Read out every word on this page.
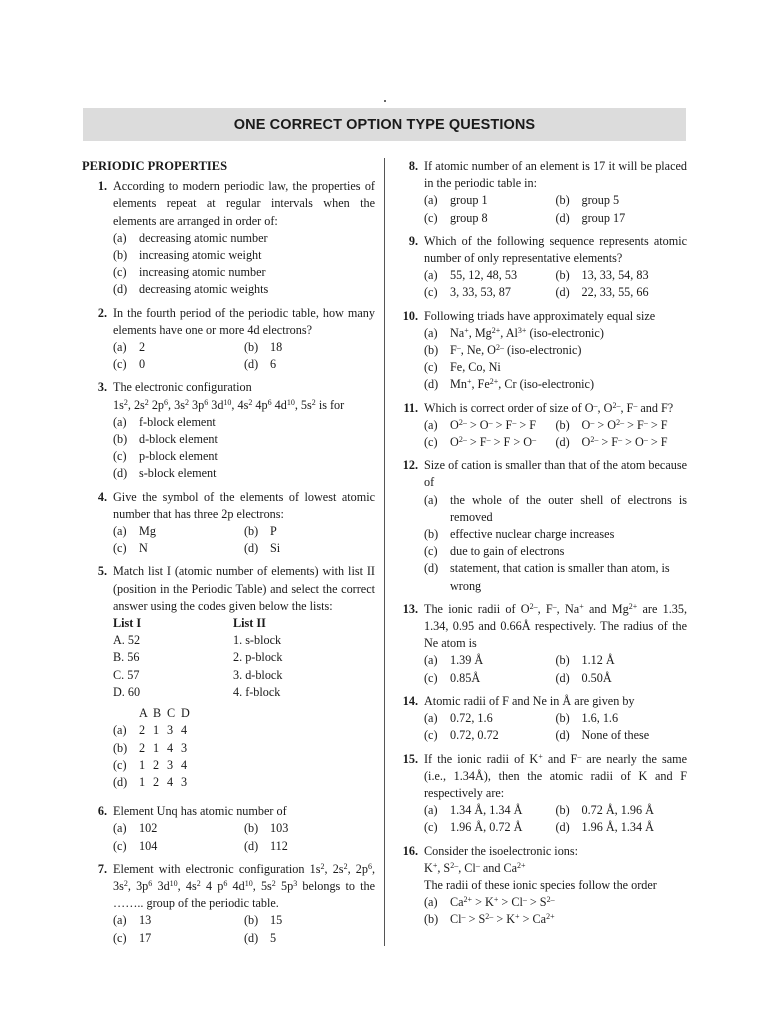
ONE CORRECT OPTION TYPE QUESTIONS
PERIODIC PROPERTIES
1. According to modern periodic law, the properties of elements repeat at regular intervals when the elements are arranged in order of:
(a)	decreasing atomic number
(b) increasing atomic weight
(c)	increasing atomic number
(d) decreasing atomic weights
2. In the fourth period of the periodic table, how many elements have one or more 4d electrons?
(a)	2	(b) 18
(c)	0	(d) 6
3. The electronic configuration
$1s^2$, $2s^2$ $2p^6$, $3s^2$ $3p^6$ $3d^{10}$, $4s^2$ $4p^6$ $4d^{10}$, $5s^2$ is for
(a)	f-block element
(b) d-block element
(c)	p-block element
(d) s-block element
4. Give the symbol of the elements of lowest atomic number that has three 2p electrons:
(a)	Mg	(b) P
(c)	N	(d) Si
5. Match list I (atomic number of elements) with list II (position in the Periodic Table) and select the correct answer using the codes given below the lists:
List I	List II
A. 52	1. s-block
B. 56	2. p-block
C. 57	3. d-block
D. 60	4. f-block
A B C D
(a)	2 1 3 4
(b) 2 1 4 3
(c)	1 2 3 4
(d) 1 2 4 3
6. Element Unq has atomic number of
(a)	102	(b) 103
(c)	104	(d) 112
7. Element with electronic configuration $1s^2$, $2s^2$, $2p^6$, $3s^2$, $3p^6$ $3d^{10}$, $4s^2$ 4 $p^6$ $4d^{10}$, $5s^2$ $5p^3$ belongs to the …….. group of the periodic table.
(a)	13	(b) 15
(c)	17	(d) 5
8. If atomic number of an element is 17 it will be placed in the periodic table in:
(a)	group 1	(b) group 5
(c)	group 8	(d) group 17
9. Which of the following sequence represents atomic number of only representative elements?
(a)	55, 12, 48, 53	(b) 13, 33, 54, 83
(c)	3, 33, 53, 87	(d) 22, 33, 55, 66
10. Following triads have approximately equal size
(a)	Na+, $Mg^{2+}$, $Al^{3+}$ (iso-electronic)
(b) F–, Ne, $O^{2-}$ (iso-electronic)
(c)	Fe, Co, Ni
(d) Mn+, $Fe^{2+}$, Cr (iso-electronic)
11. Which is correct order of size of O–, $O^{2-}$, F– and F?
(a)	$O^{2-} > O^- > F^- > F$ (b) $O^- > O^{2-} > F^- > F$
(c)	$O^{2-} > F^- > F > O^-$ (d) $O^{2-} > F^- > O^- > F$
12. Size of cation is smaller than that of the atom because of
(a)	the whole of the outer shell of electrons is removed
(b) effective nuclear charge increases
(c)	due to gain of electrons
(d) statement, that cation is smaller than atom, is wrong
13. The ionic radii of $O^{2-}$, F–, Na+ and $Mg^{2+}$ are 1.35, 1.34, 0.95 and 0.66Å respectively. The radius of the Ne atom is
(a)	1.39 Å	(b) 1.12 Å
(c)	0.85Å	(d) 0.50Å
14. Atomic radii of F and Ne in Å are given by
(a)	0.72, 1.6	(b) 1.6, 1.6
(c)	0.72, 0.72	(d) None of these
15. If the ionic radii of K+ and F– are nearly the same (i.e., 1.34Å), then the atomic radii of K and F respectively are:
(a)	1.34 Å, 1.34 Å	(b) 0.72 Å, 1.96 Å
(c)	1.96 Å, 0.72 Å	(d) 1.96 Å, 1.34 Å
16. Consider the isoelectronic ions:
K+, $S^{2-}$, Cl– and $Ca^{2+}$
The radii of these ionic species follow the order
(a)	$Ca^{2+} > K^+ > Cl^- > S^{2-}$
(b) $Cl^- > S^{2-} > K^+ > Ca^{2+}$
